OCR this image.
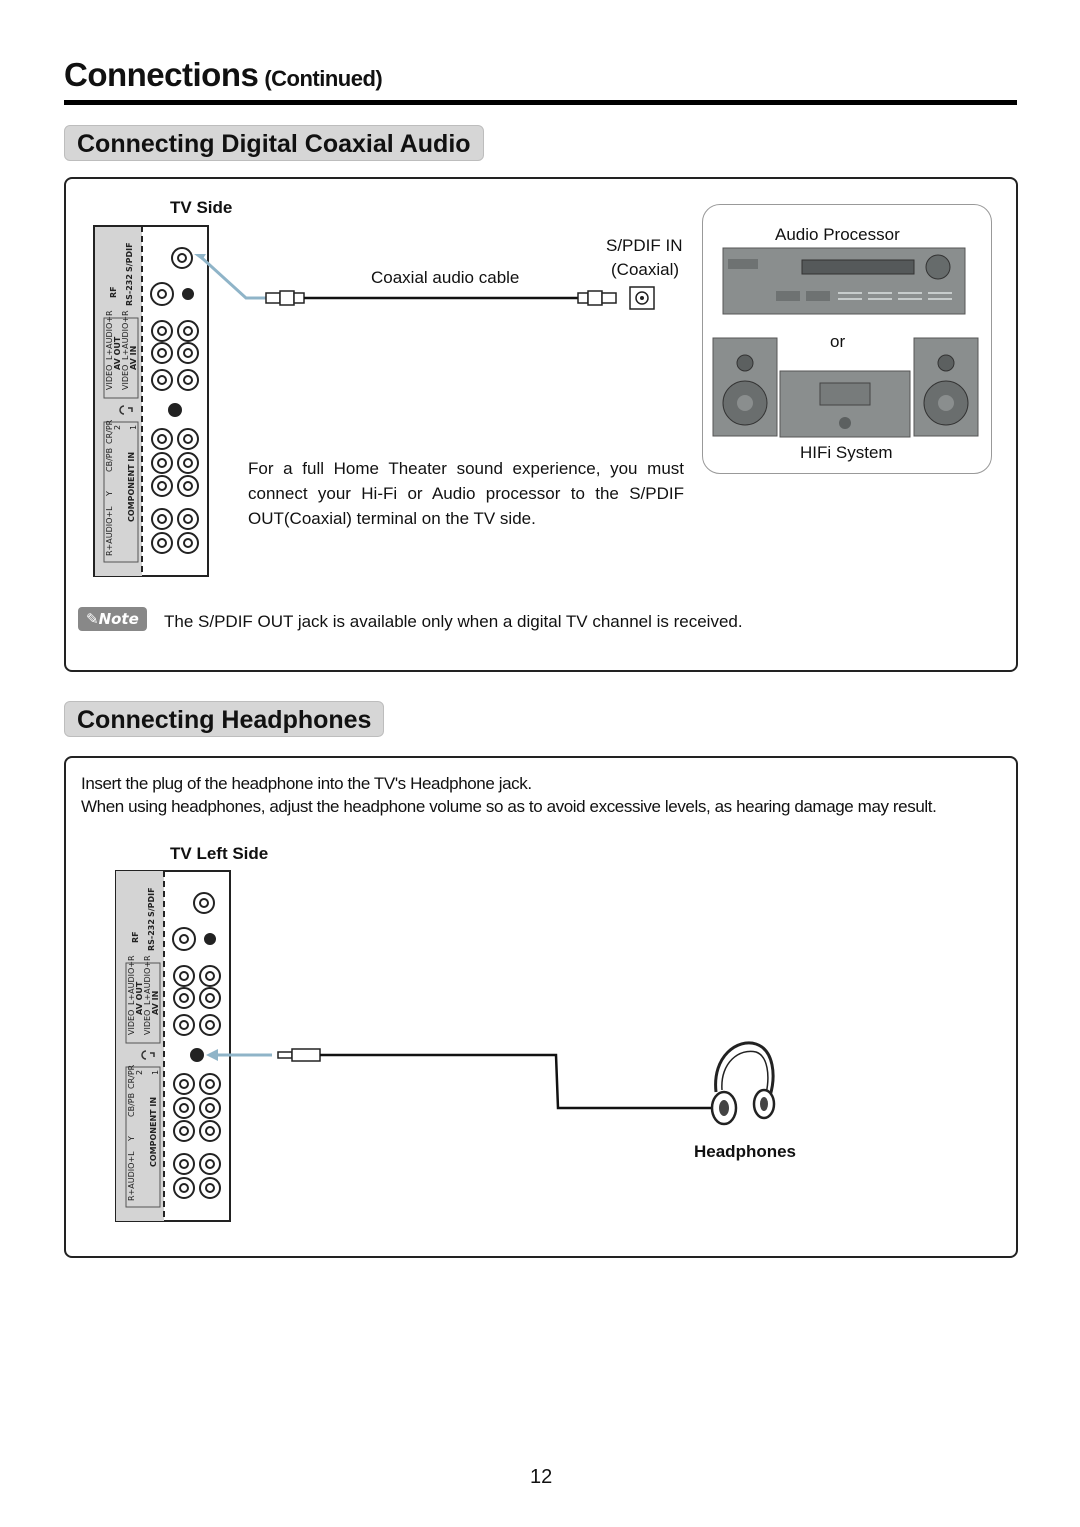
Connections (Continued)
Connecting Digital Coaxial Audio
TV Side
S/PDIF
RF RS-232
L+AUDIO+R AV OUT L+AUDIO+R AV IN
VIDEO VIDEO
CR/PR
CB/PB
Y
R+AUDIO+L
2 1
COMPONENT IN
Coaxial audio cable
S/PDIF IN
(Coaxial)
Audio Processor
or
HIFi System
For a full Home Theater sound experience, you must connect your Hi-Fi or Audio processor to the S/PDIF OUT(Coaxial) terminal on the TV side.
✎Note	The S/PDIF OUT jack is available only when a digital TV channel is received.
Connecting Headphones
Insert the plug of the headphone into the TV's Headphone jack.
When using headphones, adjust the headphone volume so as to avoid excessive levels, as hearing damage may result.
TV Left Side
S/PDIF
RF RS-232
L+AUDIO+R AV OUT L+AUDIO+R AV IN
VIDEO VIDEO
CR/PR
CB/PB
Y
R+AUDIO+L
2 1
COMPONENT IN	Headphones
12
